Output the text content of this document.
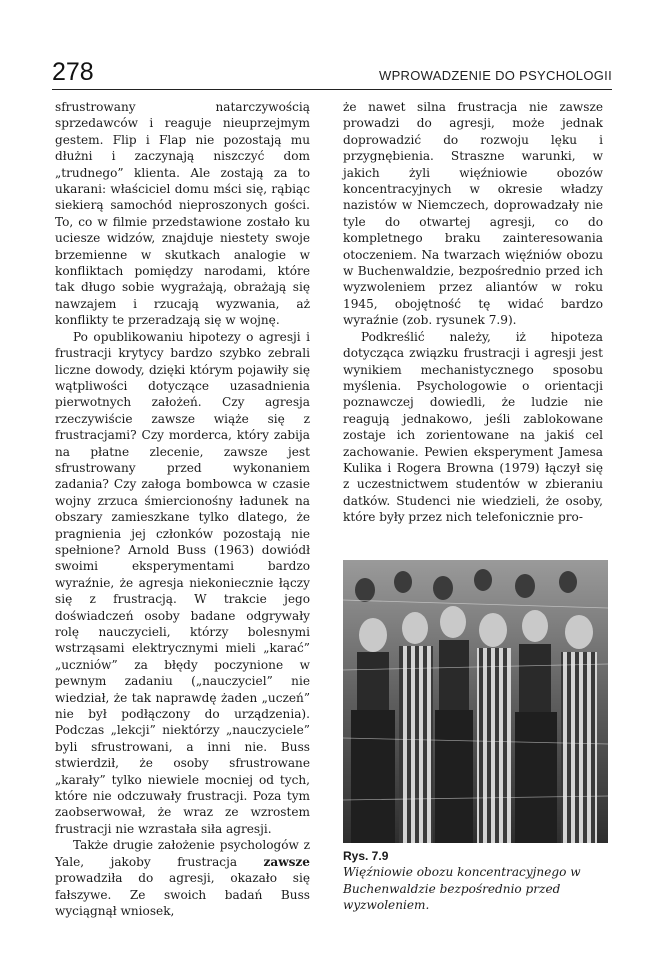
278	WPROWADZENIE DO PSYCHOLOGII

sfrustrowany natarczywością sprzedawców i reaguje nieuprzejmym gestem. Flip i Flap nie pozostają mu dłużni i zaczynają niszczyć dom „trudnego” klienta. Ale zostają za to ukarani: właściciel domu mści się, rąbiąc siekierą samochód nieproszonych gości. To, co w filmie przedstawione zostało ku uciesze widzów, znajduje niestety swoje brzemienne w skutkach analogie w konfliktach pomiędzy narodami, które tak długo sobie wygrażają, obrażają się nawzajem i rzucają wyzwania, aż konflikty te przeradzają się w wojnę.

Po opublikowaniu hipotezy o agresji i frustracji krytycy bardzo szybko zebrali liczne dowody, dzięki którym pojawiły się wątpliwości dotyczące uzasadnienia pierwotnych założeń. Czy agresja rzeczywiście zawsze wiąże się z frustracjami? Czy morderca, który zabija na płatne zlecenie, zawsze jest sfrustrowany przed wykonaniem zadania? Czy załoga bombowca w czasie wojny zrzuca śmiercionośny ładunek na obszary zamieszkane tylko dlatego, że pragnienia jej członków pozostają nie spełnione? Arnold Buss (1963) dowiódł swoimi eksperymentami bardzo wyraźnie, że agresja niekoniecznie łączy się z frustracją. W trakcie jego doświadczeń osoby badane odgrywały rolę nauczycieli, którzy bolesnymi wstrząsami elektrycznymi mieli „karać” „uczniów” za błędy poczynione w pewnym zadaniu („nauczyciel” nie wiedział, że tak naprawdę żaden „uczeń” nie był podłączony do urządzenia). Podczas „lekcji” niektórzy „nauczyciele” byli sfrustrowani, a inni nie. Buss stwierdził, że osoby sfrustrowane „karały” tylko niewiele mocniej od tych, które nie odczuwały frustracji. Poza tym zaobserwował, że wraz ze wzrostem frustracji nie wzrastała siła agresji.

Także drugie założenie psychologów z Yale, jakoby frustracja zawsze prowadziła do agresji, okazało się fałszywe. Ze swoich badań Buss wyciągnął wniosek,

że nawet silna frustracja nie zawsze prowadzi do agresji, może jednak doprowadzić do rozwoju lęku i przygnębienia. Straszne warunki, w jakich żyli więźniowie obozów koncentracyjnych w okresie władzy nazistów w Niemczech, doprowadzały nie tyle do otwartej agresji, co do kompletnego braku zainteresowania otoczeniem. Na twarzach więźniów obozu w Buchenwaldzie, bezpośrednio przed ich wyzwoleniem przez aliantów w roku 1945, obojętność tę widać bardzo wyraźnie (zob. rysunek 7.9).

Podkreślić należy, iż hipoteza dotycząca związku frustracji i agresji jest wynikiem mechanistycznego sposobu myślenia. Psychologowie o orientacji poznawczej dowiedli, że ludzie nie reagują jednakowo, jeśli zablokowane zostaje ich zorientowane na jakiś cel zachowanie. Pewien eksperyment Jamesa Kulika i Rogera Browna (1979) łączył się z uczestnictwem studentów w zbieraniu datków. Studenci nie wiedzieli, że osoby, które były przez nich telefonicznie pro-

Rys. 7.9
Więźniowie obozu koncentracyjnego w Buchenwaldzie bezpośrednio przed wyzwoleniem.
